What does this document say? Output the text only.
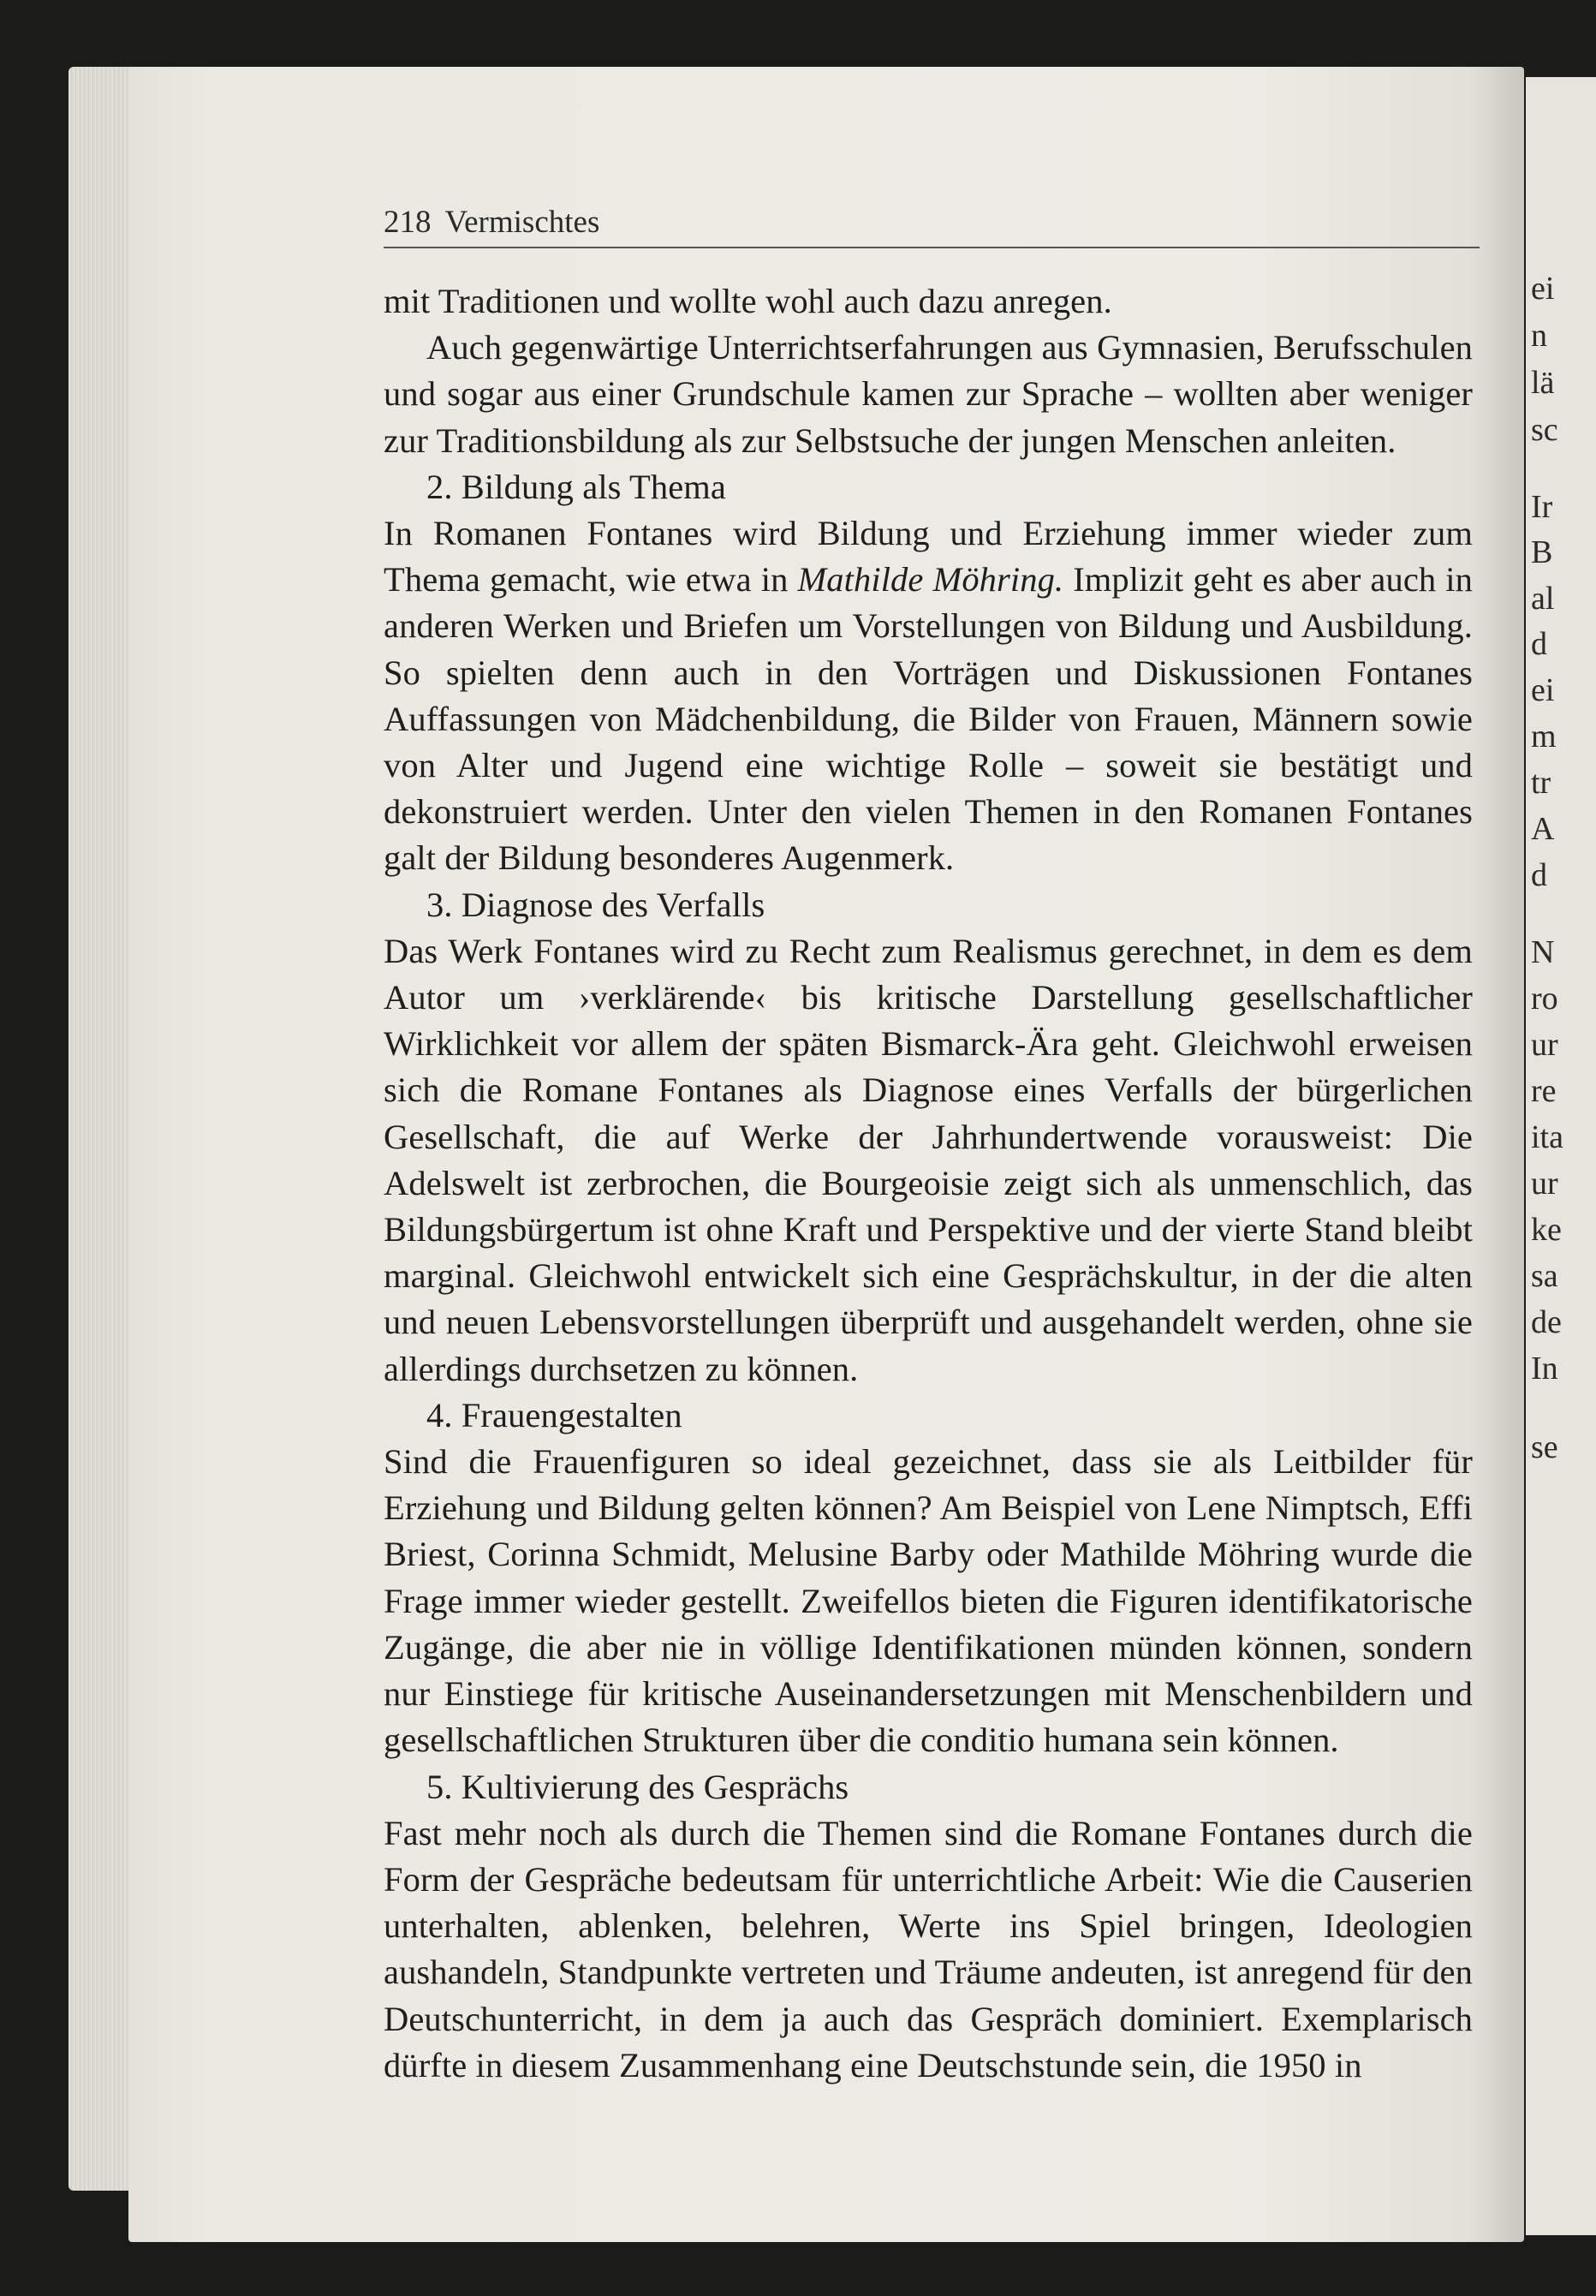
ei
n
lä
sc
Ir
B
al
d
ei
m
tr
A
d
N
ro
ur
re
ita
ur
ke
sa
de
In
se
218 Vermischtes

mit Traditionen und wollte wohl auch dazu anregen.

Auch gegenwärtige Unterrichtserfahrungen aus Gymnasien, Berufsschulen und sogar aus einer Grundschule kamen zur Sprache – wollten aber weniger zur Traditionsbildung als zur Selbstsuche der jungen Menschen anleiten.

2. Bildung als Thema

In Romanen Fontanes wird Bildung und Erziehung immer wieder zum Thema gemacht, wie etwa in Mathilde Möhring. Implizit geht es aber auch in anderen Werken und Briefen um Vorstellungen von Bildung und Ausbildung. So spielten denn auch in den Vorträgen und Diskussionen Fontanes Auffassungen von Mädchenbildung, die Bilder von Frauen, Männern sowie von Alter und Jugend eine wichtige Rolle – soweit sie bestätigt und dekonstruiert werden. Unter den vielen Themen in den Romanen Fontanes galt der Bildung besonderes Augenmerk.

3. Diagnose des Verfalls

Das Werk Fontanes wird zu Recht zum Realismus gerechnet, in dem es dem Autor um ›verklärende‹ bis kritische Darstellung gesellschaftlicher Wirklichkeit vor allem der späten Bismarck-Ära geht. Gleichwohl erweisen sich die Romane Fontanes als Diagnose eines Verfalls der bürgerlichen Gesellschaft, die auf Werke der Jahrhundertwende vorausweist: Die Adelswelt ist zerbrochen, die Bourgeoisie zeigt sich als unmenschlich, das Bildungsbürgertum ist ohne Kraft und Perspektive und der vierte Stand bleibt marginal. Gleichwohl entwickelt sich eine Gesprächskultur, in der die alten und neuen Lebensvorstellungen überprüft und ausgehandelt werden, ohne sie allerdings durchsetzen zu können.

4. Frauengestalten

Sind die Frauenfiguren so ideal gezeichnet, dass sie als Leitbilder für Erziehung und Bildung gelten können? Am Beispiel von Lene Nimptsch, Effi Briest, Corinna Schmidt, Melusine Barby oder Mathilde Möhring wurde die Frage immer wieder gestellt. Zweifellos bieten die Figuren identifikatorische Zugänge, die aber nie in völlige Identifikationen münden können, sondern nur Einstiege für kritische Auseinandersetzungen mit Menschenbildern und gesellschaftlichen Strukturen über die conditio humana sein können.

5. Kultivierung des Gesprächs

Fast mehr noch als durch die Themen sind die Romane Fontanes durch die Form der Gespräche bedeutsam für unterrichtliche Arbeit: Wie die Causerien unterhalten, ablenken, belehren, Werte ins Spiel bringen, Ideologien aushandeln, Standpunkte vertreten und Träume andeuten, ist anregend für den Deutschunterricht, in dem ja auch das Gespräch dominiert. Exemplarisch dürfte in diesem Zusammenhang eine Deutschstunde sein, die 1950 in
